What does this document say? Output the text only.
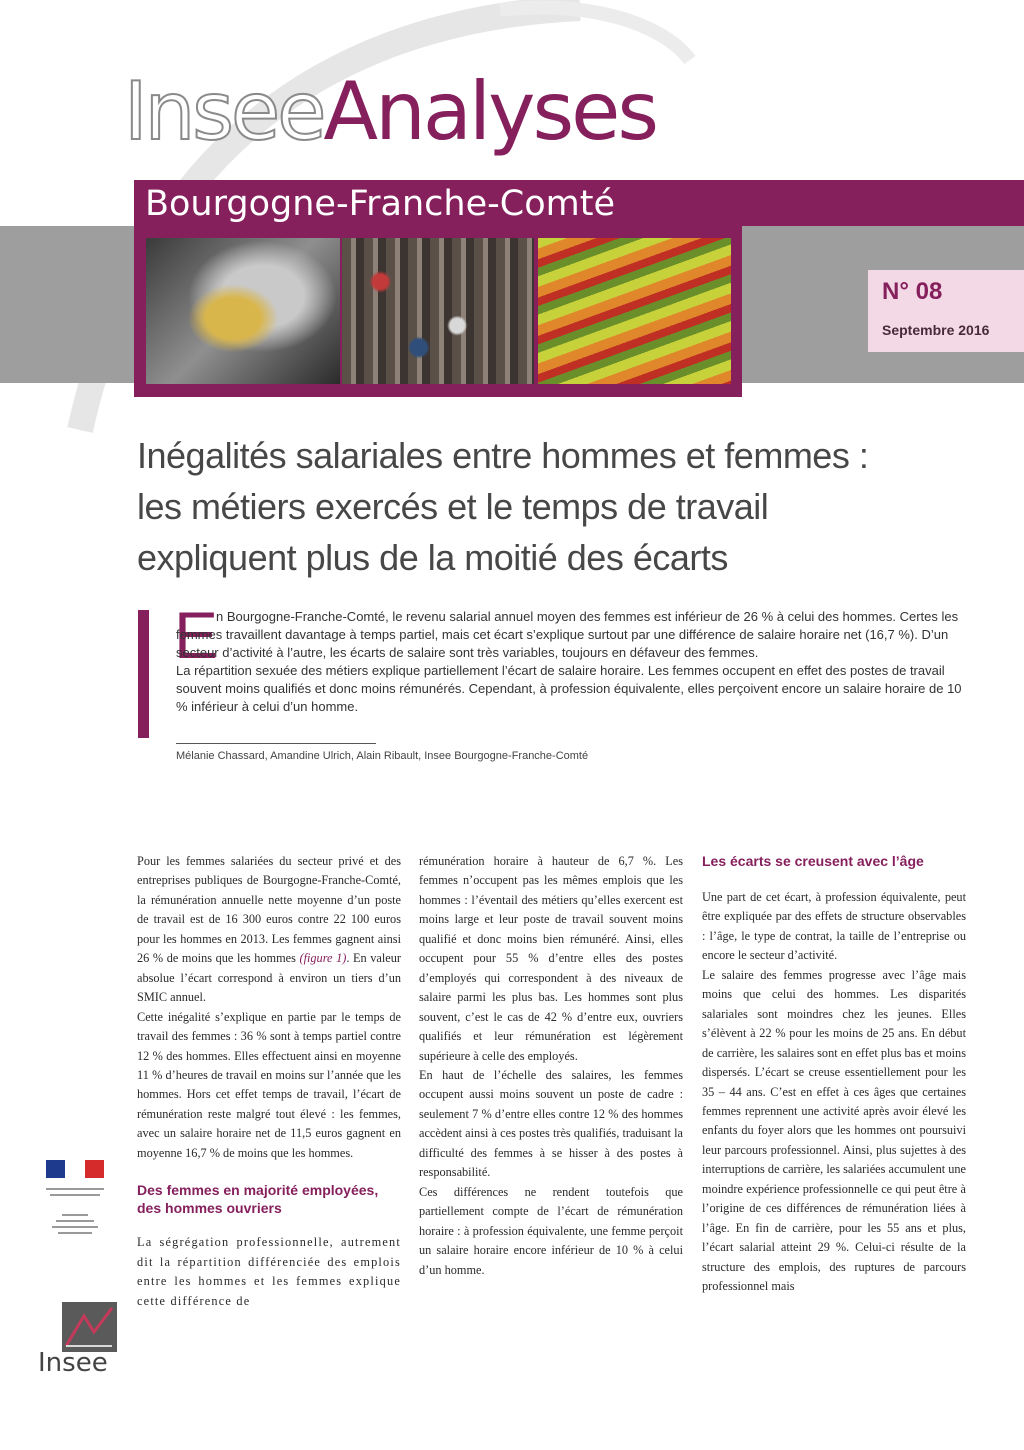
InseeAnalyses
Bourgogne-Franche-Comté
N° 08
Septembre 2016
Inégalités salariales entre hommes et femmes :
les métiers exercés et le temps de travail
expliquent plus de la moitié des écarts
E

n Bourgogne-Franche-Comté, le revenu salarial annuel moyen des femmes est inférieur de 26 % à celui des hommes. Certes les femmes travaillent davantage à temps partiel, mais cet écart s’explique surtout par une différence de salaire horaire net (16,7 %). D’un secteur d’activité à l’autre, les écarts de salaire sont très variables, toujours en défaveur des femmes.

La répartition sexuée des métiers explique partiellement l’écart de salaire horaire. Les femmes occupent en effet des postes de travail souvent moins qualifiés et donc moins rémunérés. Cependant, à profession équivalente, elles perçoivent encore un salaire horaire de 10 % inférieur à celui d’un homme.

Mélanie Chassard, Amandine Ulrich, Alain Ribault, Insee Bourgogne-Franche-Comté

Pour les femmes salariées du secteur privé et des entreprises publiques de Bourgogne-Franche-Comté, la rémunération annuelle nette moyenne d’un poste de travail est de 16 300 euros contre 22 100 euros pour les hommes en 2013. Les femmes gagnent ainsi 26 % de moins que les hommes (figure 1). En valeur absolue l’écart correspond à environ un tiers d’un SMIC annuel.

Cette inégalité s’explique en partie par le temps de travail des femmes : 36 % sont à temps partiel contre 12 % des hommes. Elles effectuent ainsi en moyenne 11 % d’heures de travail en moins sur l’année que les hommes. Hors cet effet temps de travail, l’écart de rémunération reste malgré tout élevé : les femmes, avec un salaire horaire net de 11,5 euros gagnent en moyenne 16,7 % de moins que les hommes.

Des femmes en majorité employées, des hommes ouvriers

La ségrégation professionnelle, autrement dit la répartition différenciée des emplois entre les hommes et les femmes explique cette différence de

rémunération horaire à hauteur de 6,7 %. Les femmes n’occupent pas les mêmes emplois que les hommes : l’éventail des métiers qu’elles exercent est moins large et leur poste de travail souvent moins qualifié et donc moins bien rémunéré. Ainsi, elles occupent pour 55 % d’entre elles des postes d’employés qui correspondent à des niveaux de salaire parmi les plus bas. Les hommes sont plus souvent, c’est le cas de 42 % d’entre eux, ouvriers qualifiés et leur rémunération est légèrement supérieure à celle des employés.

En haut de l’échelle des salaires, les femmes occupent aussi moins souvent un poste de cadre : seulement 7 % d’entre elles contre 12 % des hommes accèdent ainsi à ces postes très qualifiés, traduisant la difficulté des femmes à se hisser à des postes à responsabilité.

Ces différences ne rendent toutefois que partiellement compte de l’écart de rémunération horaire : à profession équivalente, une femme perçoit un salaire horaire encore inférieur de 10 % à celui d’un homme.

Les écarts se creusent avec l’âge

Une part de cet écart, à profession équivalente, peut être expliquée par des effets de structure observables : l’âge, le type de contrat, la taille de l’entreprise ou encore le secteur d’activité.

Le salaire des femmes progresse avec l’âge mais moins que celui des hommes. Les disparités salariales sont moindres chez les jeunes. Elles s’élèvent à 22 % pour les moins de 25 ans. En début de carrière, les salaires sont en effet plus bas et moins dispersés. L’écart se creuse essentiellement pour les 35 – 44 ans. C’est en effet à ces âges que certaines femmes reprennent une activité après avoir élevé les enfants du foyer alors que les hommes ont poursuivi leur parcours professionnel. Ainsi, plus sujettes à des interruptions de carrière, les salariées accumulent une moindre expérience professionnelle ce qui peut être à l’origine de ces différences de rémunération liées à l’âge. En fin de carrière, pour les 55 ans et plus, l’écart salarial atteint 29 %. Celui-ci résulte de la structure des emplois, des ruptures de parcours professionnel mais

Insee
